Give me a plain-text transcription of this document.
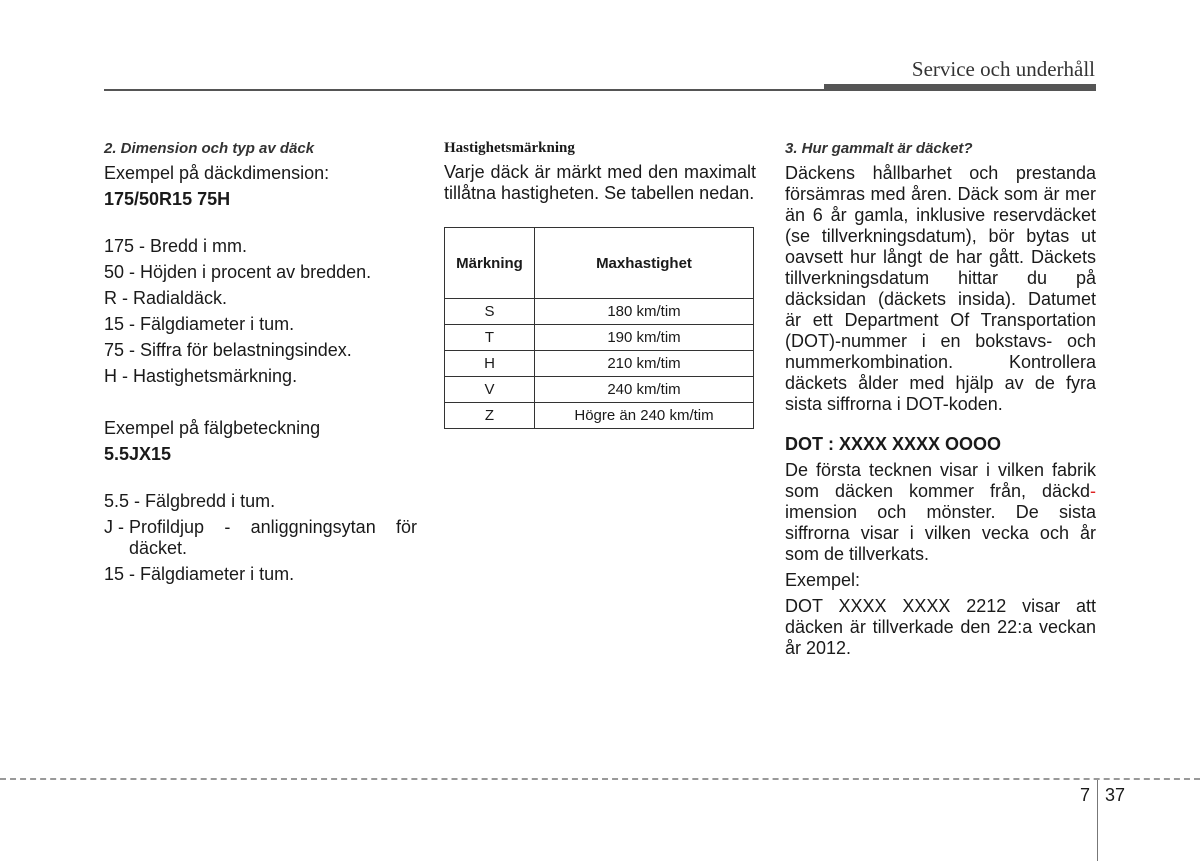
Service och underhåll
2. Dimension och typ av däck

Exempel på däckdimension:

175/50R15 75H

175 - Bredd i mm.

50 - Höjden i procent av bredden.

R - Radialdäck.

15 - Fälgdiameter i tum.

75 - Siffra för belastningsindex.

H - Hastighetsmärkning.

Exempel på fälgbeteckning

5.5JX15

5.5 - Fälgbredd i tum.

J - Profildjup - anliggningsytan för
däcket.

15 - Fälgdiameter i tum.

Hastighetsmärkning

Varje däck är märkt med den maximalt tillåtna hastigheten. Se tabellen nedan.

Märkning	Maxhastighet
S	180 km/tim
T	190 km/tim
H	210 km/tim
V	240 km/tim
Z	Högre än 240 km/tim
3. Hur gammalt är däcket?

Däckens hållbarhet och prestanda försämras med åren. Däck som är mer än 6 år gamla, inklusive reservdäcket (se tillverkningsdatum), bör bytas ut oavsett hur långt de har gått. Däckets tillverkningsdatum hittar du på däcksidan (däckets insida). Datumet är ett Department Of Transportation (DOT)-nummer i en bokstavs- och nummerkombination. Kontrollera däckets ålder med hjälp av de fyra sista siffrorna i DOT-koden.

DOT : XXXX XXXX OOOO

De första tecknen visar i vilken fabrik som däcken kommer från, däckd-imension och mönster. De sista siffrorna visar i vilken vecka och år som de tillverkats.

Exempel:

DOT XXXX XXXX 2212 visar att däcken är tillverkade den 22:a veckan år 2012.

7 37
